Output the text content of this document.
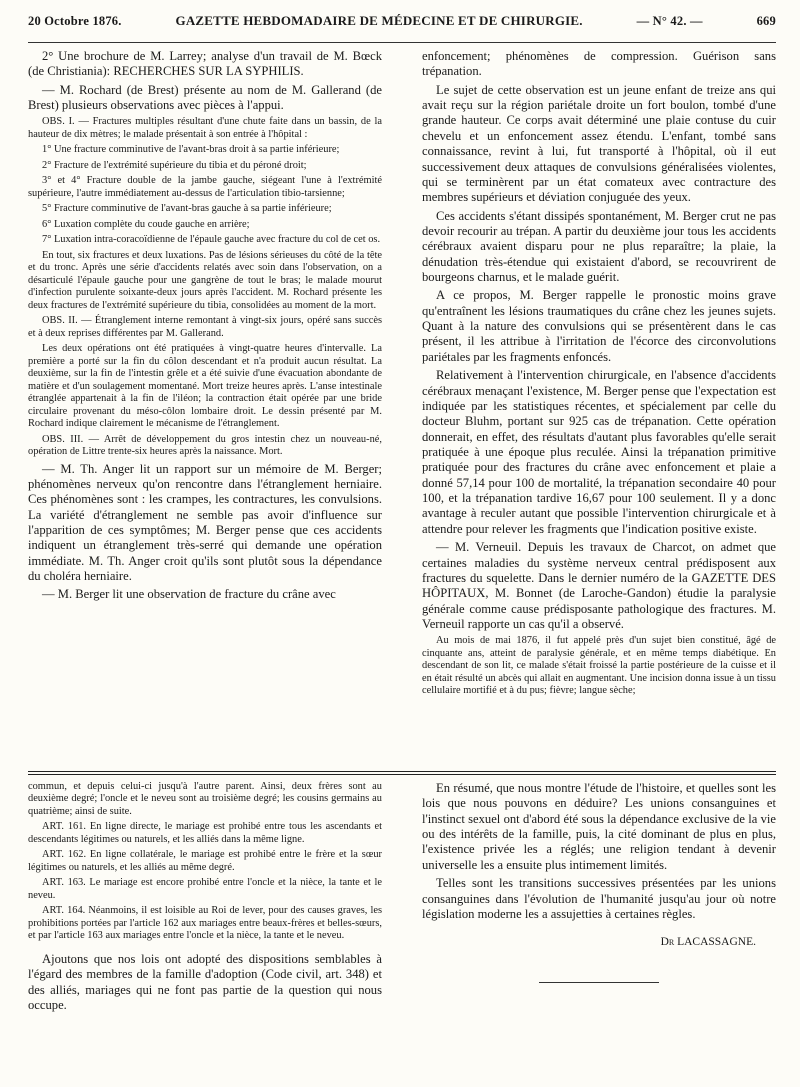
20 Octobre 1876.	GAZETTE HEBDOMADAIRE DE MÉDECINE ET DE CHIRURGIE.	— N° 42. —	669

2° Une brochure de M. Larrey; analyse d'un travail de M. Bœck (de Christiania): RECHERCHES SUR LA SYPHILIS.

— M. Rochard (de Brest) présente au nom de M. Gallerand (de Brest) plusieurs observations avec pièces à l'appui.

OBS. I. — Fractures multiples résultant d'une chute faite dans un bassin, de la hauteur de dix mètres; le malade présentait à son entrée à l'hôpital :

1° Une fracture comminutive de l'avant-bras droit à sa partie inférieure;

2° Fracture de l'extrémité supérieure du tibia et du péroné droit;

3° et 4° Fracture double de la jambe gauche, siégeant l'une à l'extrémité supérieure, l'autre immédiatement au-dessus de l'articulation tibio-tarsienne;

5° Fracture comminutive de l'avant-bras gauche à sa partie inférieure;

6° Luxation complète du coude gauche en arrière;

7° Luxation intra-coracoïdienne de l'épaule gauche avec fracture du col de cet os.

En tout, six fractures et deux luxations. Pas de lésions sérieuses du côté de la tête et du tronc. Après une série d'accidents relatés avec soin dans l'observation, on a désarticulé l'épaule gauche pour une gangrène de tout le bras; le malade mourut d'infection purulente soixante-deux jours après l'accident. M. Rochard présente les deux fractures de l'extrémité supérieure du tibia, consolidées au moment de la mort.

OBS. II. — Étranglement interne remontant à vingt-six jours, opéré sans succès et à deux reprises différentes par M. Gallerand.

Les deux opérations ont été pratiquées à vingt-quatre heures d'intervalle. La première a porté sur la fin du côlon descendant et n'a produit aucun résultat. La deuxième, sur la fin de l'intestin grêle et a été suivie d'une évacuation abondante de matière et d'un soulagement momentané. Mort treize heures après. L'anse intestinale étranglée appartenait à la fin de l'iléon; la contraction était opérée par une bride circulaire provenant du méso-côlon lombaire droit. Le dessin présenté par M. Rochard indique clairement le mécanisme de l'étranglement.

OBS. III. — Arrêt de développement du gros intestin chez un nouveau-né, opération de Littre trente-six heures après la naissance. Mort.

— M. Th. Anger lit un rapport sur un mémoire de M. Berger; phénomènes nerveux qu'on rencontre dans l'étranglement herniaire. Ces phénomènes sont : les crampes, les contractures, les convulsions. La variété d'étranglement ne semble pas avoir d'influence sur l'apparition de ces symptômes; M. Berger pense que ces accidents indiquent un étranglement très-serré qui demande une opération immédiate. M. Th. Anger croit qu'ils sont plutôt sous la dépendance du choléra herniaire.

— M. Berger lit une observation de fracture du crâne avec

enfoncement; phénomènes de compression. Guérison sans trépanation.

Le sujet de cette observation est un jeune enfant de treize ans qui avait reçu sur la région pariétale droite un fort boulon, tombé d'une grande hauteur. Ce corps avait déterminé une plaie contuse du cuir chevelu et un enfoncement assez étendu. L'enfant, tombé sans connaissance, revint à lui, fut transporté à l'hôpital, où il eut successivement deux attaques de convulsions généralisées violentes, qui se terminèrent par un état comateux avec contracture des membres supérieurs et déviation conjuguée des yeux.

Ces accidents s'étant dissipés spontanément, M. Berger crut ne pas devoir recourir au trépan. A partir du deuxième jour tous les accidents cérébraux avaient disparu pour ne plus reparaître; la plaie, la dénudation très-étendue qui existaient d'abord, se recouvrirent de bourgeons charnus, et le malade guérit.

A ce propos, M. Berger rappelle le pronostic moins grave qu'entraînent les lésions traumatiques du crâne chez les jeunes sujets. Quant à la nature des convulsions qui se présentèrent dans le cas présent, il les attribue à l'irritation de l'écorce des circonvolutions pariétales par les fragments enfoncés.

Relativement à l'intervention chirurgicale, en l'absence d'accidents cérébraux menaçant l'existence, M. Berger pense que l'expectation est indiquée par les statistiques récentes, et spécialement par celle du docteur Bluhm, portant sur 925 cas de trépanation. Cette opération donnerait, en effet, des résultats d'autant plus favorables qu'elle serait pratiquée à une époque plus reculée. Ainsi la trépanation primitive pratiquée pour des fractures du crâne avec enfoncement et plaie a donné 57,14 pour 100 de mortalité, la trépanation secondaire 40 pour 100, et la trépanation tardive 16,67 pour 100 seulement. Il y a donc avantage à reculer autant que possible l'intervention chirurgicale et à attendre pour relever les fragments que l'indication positive existe.

— M. Verneuil. Depuis les travaux de Charcot, on admet que certaines maladies du système nerveux central prédisposent aux fractures du squelette. Dans le dernier numéro de la GAZETTE DES HÔPITAUX, M. Bonnet (de Laroche-Gandon) étudie la paralysie générale comme cause prédisposante pathologique des fractures. M. Verneuil rapporte un cas qu'il a observé.

Au mois de mai 1876, il fut appelé près d'un sujet bien constitué, âgé de cinquante ans, atteint de paralysie générale, et en même temps diabétique. En descendant de son lit, ce malade s'était froissé la partie postérieure de la cuisse et il en était résulté un abcès qui allait en augmentant. Une incision donna issue à un tissu cellulaire mortifié et à du pus; fièvre; langue sèche;

commun, et depuis celui-ci jusqu'à l'autre parent. Ainsi, deux frères sont au deuxième degré; l'oncle et le neveu sont au troisième degré; les cousins germains au quatrième; ainsi de suite.

ART. 161. En ligne directe, le mariage est prohibé entre tous les ascendants et descendants légitimes ou naturels, et les alliés dans la même ligne.

ART. 162. En ligne collatérale, le mariage est prohibé entre le frère et la sœur légitimes ou naturels, et les alliés au même degré.

ART. 163. Le mariage est encore prohibé entre l'oncle et la nièce, la tante et le neveu.

ART. 164. Néanmoins, il est loisible au Roi de lever, pour des causes graves, les prohibitions portées par l'article 162 aux mariages entre beaux-frères et belles-sœurs, et par l'article 163 aux mariages entre l'oncle et la nièce, la tante et le neveu.

Ajoutons que nos lois ont adopté des dispositions semblables à l'égard des membres de la famille d'adoption (Code civil, art. 348) et des alliés, mariages qui ne font pas partie de la question qui nous occupe.

En résumé, que nous montre l'étude de l'histoire, et quelles sont les lois que nous pouvons en déduire? Les unions consanguines et l'instinct sexuel ont d'abord été sous la dépendance exclusive de la vie ou des intérêts de la famille, puis, la cité dominant de plus en plus, l'existence privée les a réglés; une religion tendant à devenir universelle les a ensuite plus intimement limités.

Telles sont les transitions successives présentées par les unions consanguines dans l'évolution de l'humanité jusqu'au jour où notre législation moderne les a assujetties à certaines règles.

Dr LACASSAGNE.
